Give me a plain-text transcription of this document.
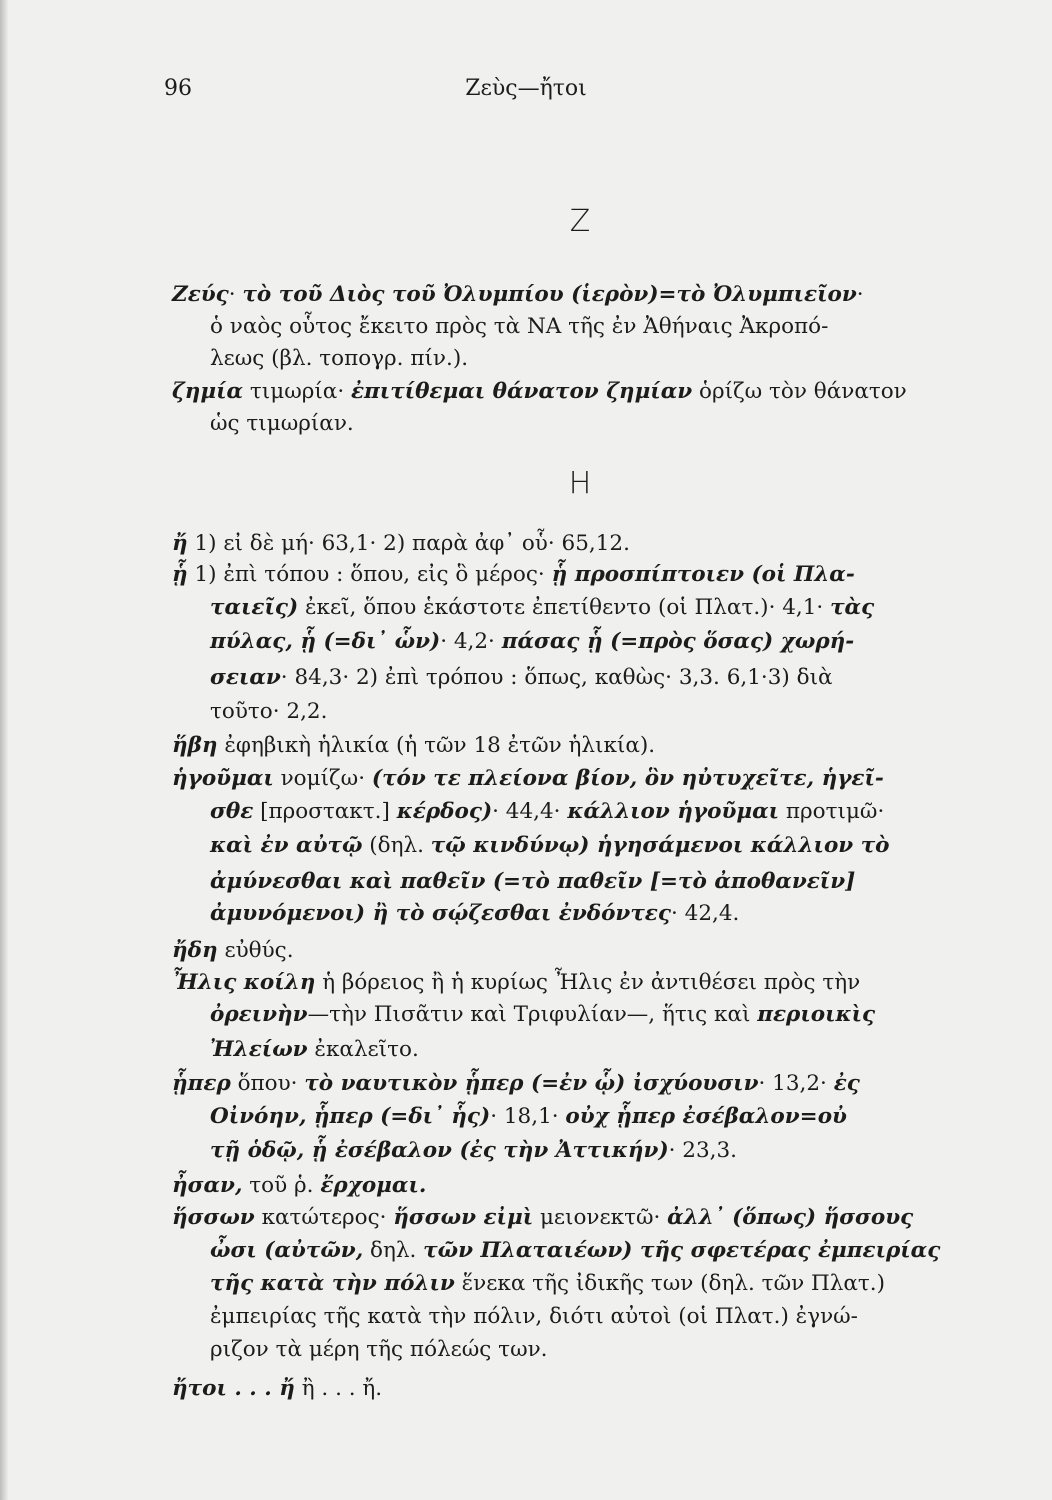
96	Ζεὺς—ἤτοι
Ζ
Η
Ζεύς· τὸ τοῦ Διὸς τοῦ Ὀλυμπίου (ἱερὸν)=τὸ Ὀλυμπιεῖον·
ὁ ναὸς οὗτος ἔκειτο πρὸς τὰ ΝΑ τῆς ἐν Ἀθήναις Ἀκροπό-
λεως (βλ. τοπογρ. πίν.).
ζημία τιμωρία· ἐπιτίθεμαι θάνατον ζημίαν ὁρίζω τὸν θάνατον
ὡς τιμωρίαν.
ἤ 1) εἰ δὲ μή· 63,1· 2) παρὰ ἀφ᾽ οὗ· 65,12.
ᾗ 1) ἐπὶ τόπου : ὅπου, εἰς ὃ μέρος· ᾗ προσπίπτοιεν (οἱ Πλα-
ταιεῖς) ἐκεῖ, ὅπου ἑκάστοτε ἐπετίθεντο (οἱ Πλατ.)· 4,1· τὰς
πύλας, ᾗ (=δι᾽ ὧν)· 4,2· πάσας ᾗ (=πρὸς ὅσας) χωρή-
σειαν· 84,3· 2) ἐπὶ τρόπου : ὅπως, καθὼς· 3,3. 6,1·3) διὰ
τοῦτο· 2,2.
ἥβη ἐφηβικὴ ἡλικία (ἡ τῶν 18 ἐτῶν ἡλικία).
ἡγοῦμαι νομίζω· (τόν τε πλείονα βίον, ὃν ηὐτυχεῖτε, ἡγεῖ-
σθε [προστακτ.] κέρδος)· 44,4· κάλλιον ἡγοῦμαι προτιμῶ·
καὶ ἐν αὐτῷ (δηλ. τῷ κινδύνῳ) ἡγησάμενοι κάλλιον τὸ
ἀμύνεσθαι καὶ παθεῖν (=τὸ παθεῖν [=τὸ ἀποθανεῖν]
ἀμυνόμενοι) ἢ τὸ σῴζεσθαι ἐνδόντες· 42,4.
ἤδη εὐθύς.
Ἦλις κοίλη ἡ βόρειος ἢ ἡ κυρίως Ἦλις ἐν ἀντιθέσει πρὸς τὴν
ὀρεινὴν—τὴν Πισᾶτιν καὶ Τριφυλίαν—, ἥτις καὶ περιοικὶς
Ἠλείων ἐκαλεῖτο.
ᾗπερ ὅπου· τὸ ναυτικὸν ᾗπερ (=ἐν ᾧ) ἰσχύουσιν· 13,2· ἐς
Οἰνόην, ᾗπερ (=δι᾽ ἧς)· 18,1· οὐχ ᾗπερ ἐσέβαλον=οὐ
τῇ ὁδῷ, ᾗ ἐσέβαλον (ἐς τὴν Ἀττικήν)· 23,3.
ἦσαν, τοῦ ῥ. ἔρχομαι.
ἥσσων κατώτερος· ἥσσων εἰμὶ μειονεκτῶ· ἀλλ᾽ (ὅπως) ἥσσους
ὦσι (αὐτῶν, δηλ. τῶν Πλαταιέων) τῆς σφετέρας ἐμπειρίας
τῆς κατὰ τὴν πόλιν ἕνεκα τῆς ἰδικῆς των (δηλ. τῶν Πλατ.)
ἐμπειρίας τῆς κατὰ τὴν πόλιν, διότι αὐτοὶ (οἱ Πλατ.) ἐγνώ-
ριζον τὰ μέρη τῆς πόλεώς των.
ἤτοι . . . ἤ ἢ . . . ἤ.
